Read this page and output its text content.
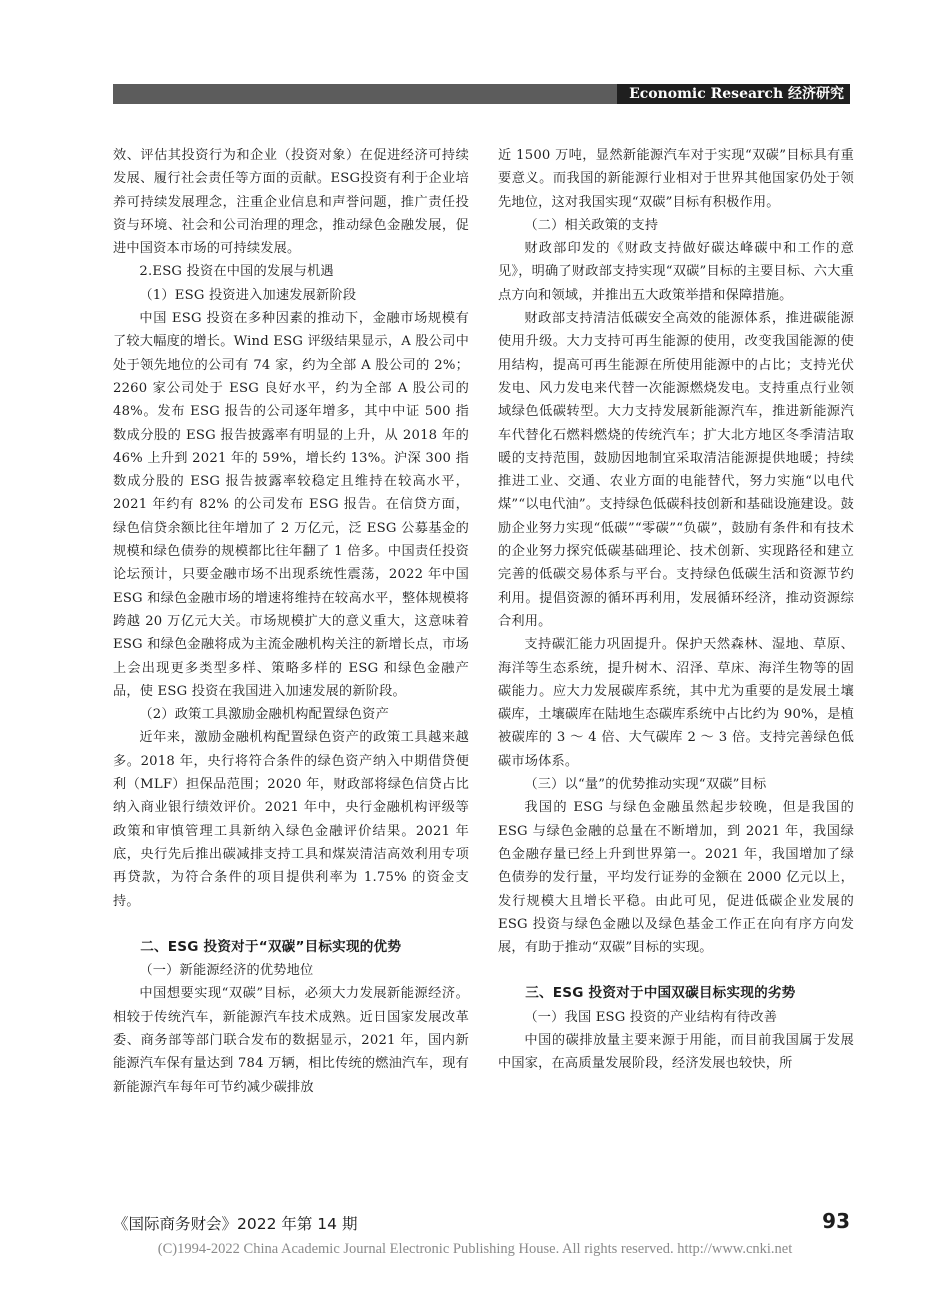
Economic Research 经济研究

效、评估其投资行为和企业（投资对象）在促进经济可持续发展、履行社会责任等方面的贡献。ESG投资有利于企业培养可持续发展理念，注重企业信息和声誉问题，推广责任投资与环境、社会和公司治理的理念，推动绿色金融发展，促进中国资本市场的可持续发展。

2.ESG 投资在中国的发展与机遇
（1）ESG 投资进入加速发展新阶段

中国 ESG 投资在多种因素的推动下，金融市场规模有了较大幅度的增长。Wind ESG 评级结果显示，A 股公司中处于领先地位的公司有 74 家，约为全部 A 股公司的 2%；2260 家公司处于 ESG 良好水平，约为全部 A 股公司的 48%。发布 ESG 报告的公司逐年增多，其中中证 500 指数成分股的 ESG 报告披露率有明显的上升，从 2018 年的 46% 上升到 2021 年的 59%，增长约 13%。沪深 300 指数成分股的 ESG 报告披露率较稳定且维持在较高水平，2021 年约有 82% 的公司发布 ESG 报告。在信贷方面，绿色信贷余额比往年增加了 2 万亿元，泛 ESG 公募基金的规模和绿色债券的规模都比往年翻了 1 倍多。中国责任投资论坛预计，只要金融市场不出现系统性震荡，2022 年中国 ESG 和绿色金融市场的增速将维持在较高水平，整体规模将跨越 20 万亿元大关。市场规模扩大的意义重大，这意味着 ESG 和绿色金融将成为主流金融机构关注的新增长点，市场上会出现更多类型多样、策略多样的 ESG 和绿色金融产品，使 ESG 投资在我国进入加速发展的新阶段。

（2）政策工具激励金融机构配置绿色资产

近年来，激励金融机构配置绿色资产的政策工具越来越多。2018 年，央行将符合条件的绿色资产纳入中期借贷便利（MLF）担保品范围；2020 年，财政部将绿色信贷占比纳入商业银行绩效评价。2021 年中，央行金融机构评级等政策和审慎管理工具新纳入绿色金融评价结果。2021 年底，央行先后推出碳减排支持工具和煤炭清洁高效利用专项再贷款，为符合条件的项目提供利率为 1.75% 的资金支持。

二、ESG 投资对于“双碳”目标实现的优势
（一）新能源经济的优势地位

中国想要实现“双碳”目标，必须大力发展新能源经济。相较于传统汽车，新能源汽车技术成熟。近日国家发展改革委、商务部等部门联合发布的数据显示，2021 年，国内新能源汽车保有量达到 784 万辆，相比传统的燃油汽车，现有新能源汽车每年可节约减少碳排放

近 1500 万吨，显然新能源汽车对于实现“双碳”目标具有重要意义。而我国的新能源行业相对于世界其他国家仍处于领先地位，这对我国实现“双碳”目标有积极作用。

（二）相关政策的支持

财政部印发的《财政支持做好碳达峰碳中和工作的意见》，明确了财政部支持实现“双碳”目标的主要目标、六大重点方向和领域，并推出五大政策举措和保障措施。

财政部支持清洁低碳安全高效的能源体系，推进碳能源使用升级。大力支持可再生能源的使用，改变我国能源的使用结构，提高可再生能源在所使用能源中的占比；支持光伏发电、风力发电来代替一次能源燃烧发电。支持重点行业领域绿色低碳转型。大力支持发展新能源汽车，推进新能源汽车代替化石燃料燃烧的传统汽车；扩大北方地区冬季清洁取暖的支持范围，鼓励因地制宜采取清洁能源提供地暖；持续推进工业、交通、农业方面的电能替代，努力实施“以电代煤”“以电代油”。支持绿色低碳科技创新和基础设施建设。鼓励企业努力实现“低碳”“零碳”“负碳”，鼓励有条件和有技术的企业努力探究低碳基础理论、技术创新、实现路径和建立完善的低碳交易体系与平台。支持绿色低碳生活和资源节约利用。提倡资源的循环再利用，发展循环经济，推动资源综合利用。

支持碳汇能力巩固提升。保护天然森林、湿地、草原、海洋等生态系统，提升树木、沼泽、草床、海洋生物等的固碳能力。应大力发展碳库系统，其中尤为重要的是发展土壤碳库，土壤碳库在陆地生态碳库系统中占比约为 90%，是植被碳库的 3 ～ 4 倍、大气碳库 2 ～ 3 倍。支持完善绿色低碳市场体系。

（三）以“量”的优势推动实现“双碳”目标

我国的 ESG 与绿色金融虽然起步较晚，但是我国的 ESG 与绿色金融的总量在不断增加，到 2021 年，我国绿色金融存量已经上升到世界第一。2021 年，我国增加了绿色债券的发行量，平均发行证券的金额在 2000 亿元以上，发行规模大且增长平稳。由此可见，促进低碳企业发展的 ESG 投资与绿色金融以及绿色基金工作正在向有序方向发展，有助于推动“双碳”目标的实现。

三、ESG 投资对于中国双碳目标实现的劣势
（一）我国 ESG 投资的产业结构有待改善

中国的碳排放量主要来源于用能，而目前我国属于发展中国家，在高质量发展阶段，经济发展也较快，所

《国际商务财会》2022 年第 14 期	93
(C)1994-2022 China Academic Journal Electronic Publishing House. All rights reserved. http://www.cnki.net
